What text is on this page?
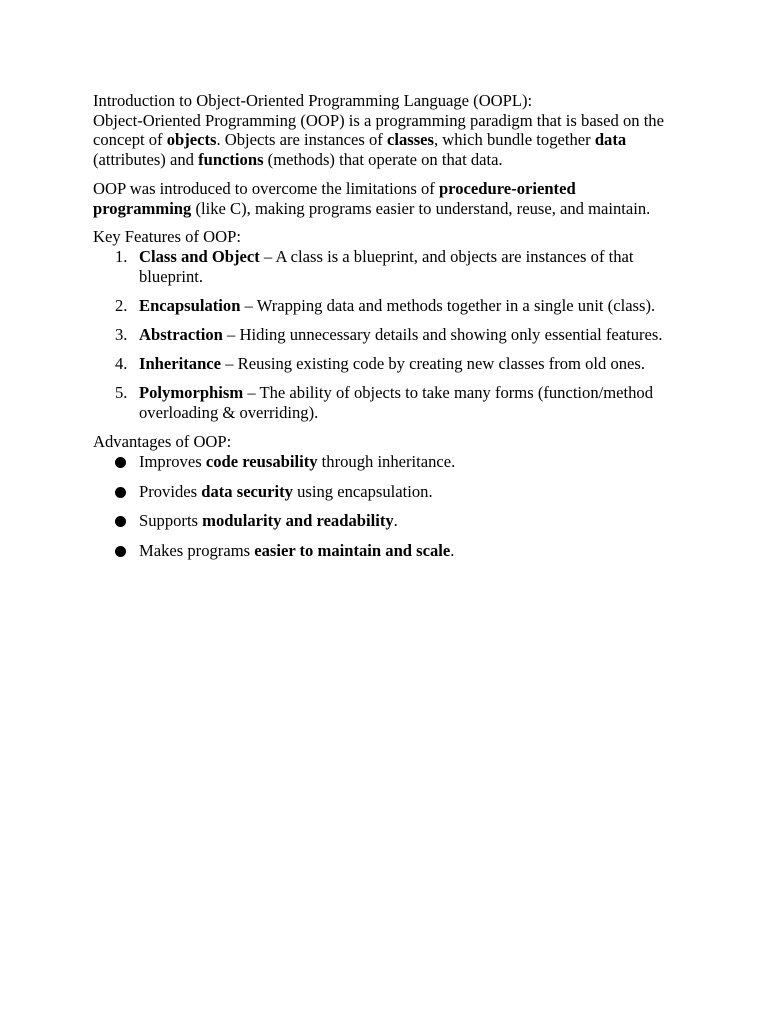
Introduction to Object-Oriented Programming Language (OOPL):
Object-Oriented Programming (OOP) is a programming paradigm that is based on the concept of objects. Objects are instances of classes, which bundle together data (attributes) and functions (methods) that operate on that data.

OOP was introduced to overcome the limitations of procedure-oriented programming (like C), making programs easier to understand, reuse, and maintain.

Key Features of OOP:

1. Class and Object – A class is a blueprint, and objects are instances of that blueprint.
2. Encapsulation – Wrapping data and methods together in a single unit (class).
3. Abstraction – Hiding unnecessary details and showing only essential features.
4. Inheritance – Reusing existing code by creating new classes from old ones.
5. Polymorphism – The ability of objects to take many forms (function/method overloading & overriding).

Advantages of OOP:

Improves code reusability through inheritance.
Provides data security using encapsulation.
Supports modularity and readability.
Makes programs easier to maintain and scale.
